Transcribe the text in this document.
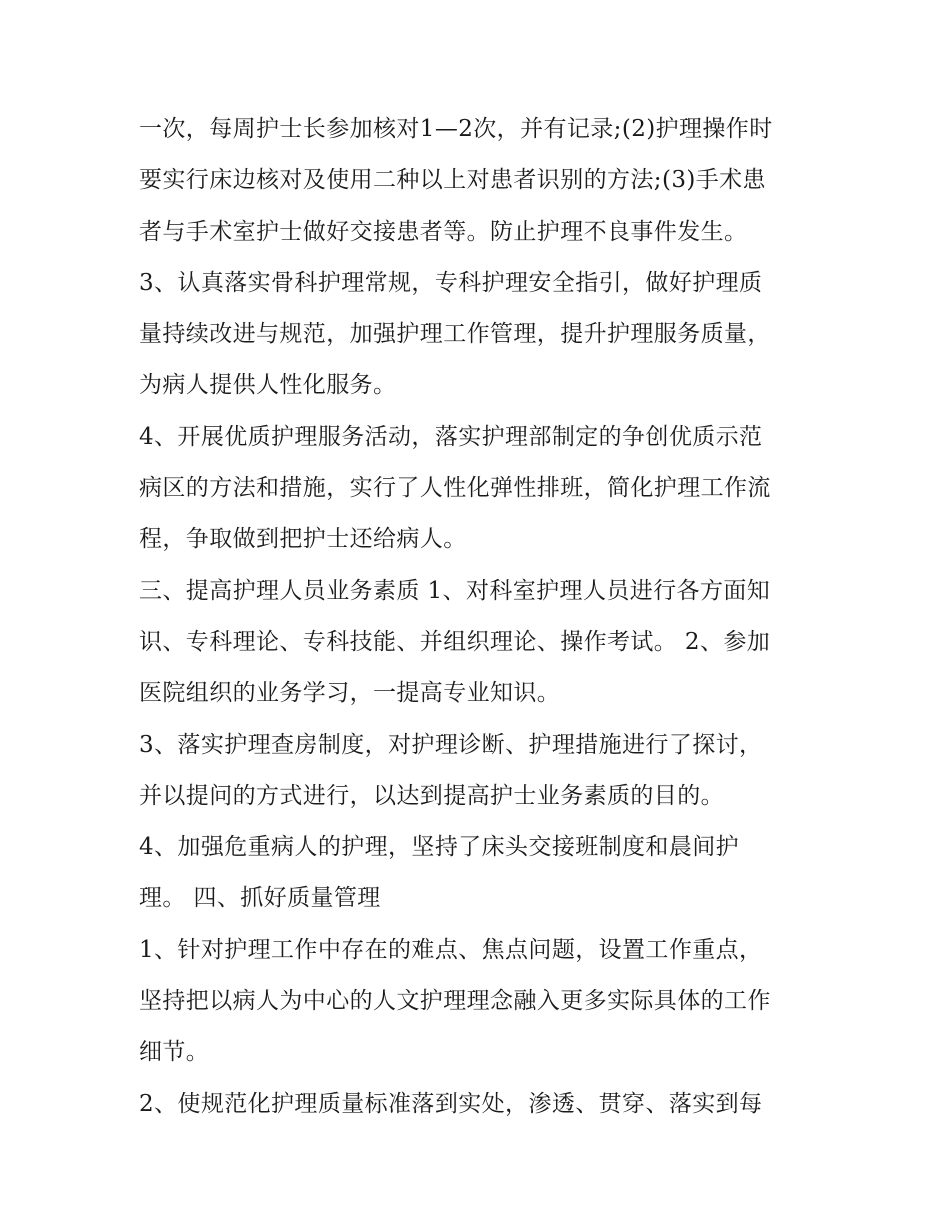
一次，每周护士长参加核对1—2次，并有记录;(2)护理操作时
要实行床边核对及使用二种以上对患者识别的方法;(3)手术患
者与手术室护士做好交接患者等。防止护理不良事件发生。
3、认真落实骨科护理常规，专科护理安全指引，做好护理质
量持续改进与规范，加强护理工作管理，提升护理服务质量，
为病人提供人性化服务。
4、开展优质护理服务活动，落实护理部制定的争创优质示范
病区的方法和措施，实行了人性化弹性排班，简化护理工作流
程，争取做到把护士还给病人。
三、提高护理人员业务素质 1、对科室护理人员进行各方面知
识、专科理论、专科技能、并组织理论、操作考试。 2、参加
医院组织的业务学习，一提高专业知识。
3、落实护理查房制度，对护理诊断、护理措施进行了探讨，
并以提问的方式进行，以达到提高护士业务素质的目的。
4、加强危重病人的护理，坚持了床头交接班制度和晨间护
理。 四、抓好质量管理
1、针对护理工作中存在的难点、焦点问题，设置工作重点，
坚持把以病人为中心的人文护理理念融入更多实际具体的工作
细节。
2、使规范化护理质量标准落到实处，渗透、贯穿、落实到每
